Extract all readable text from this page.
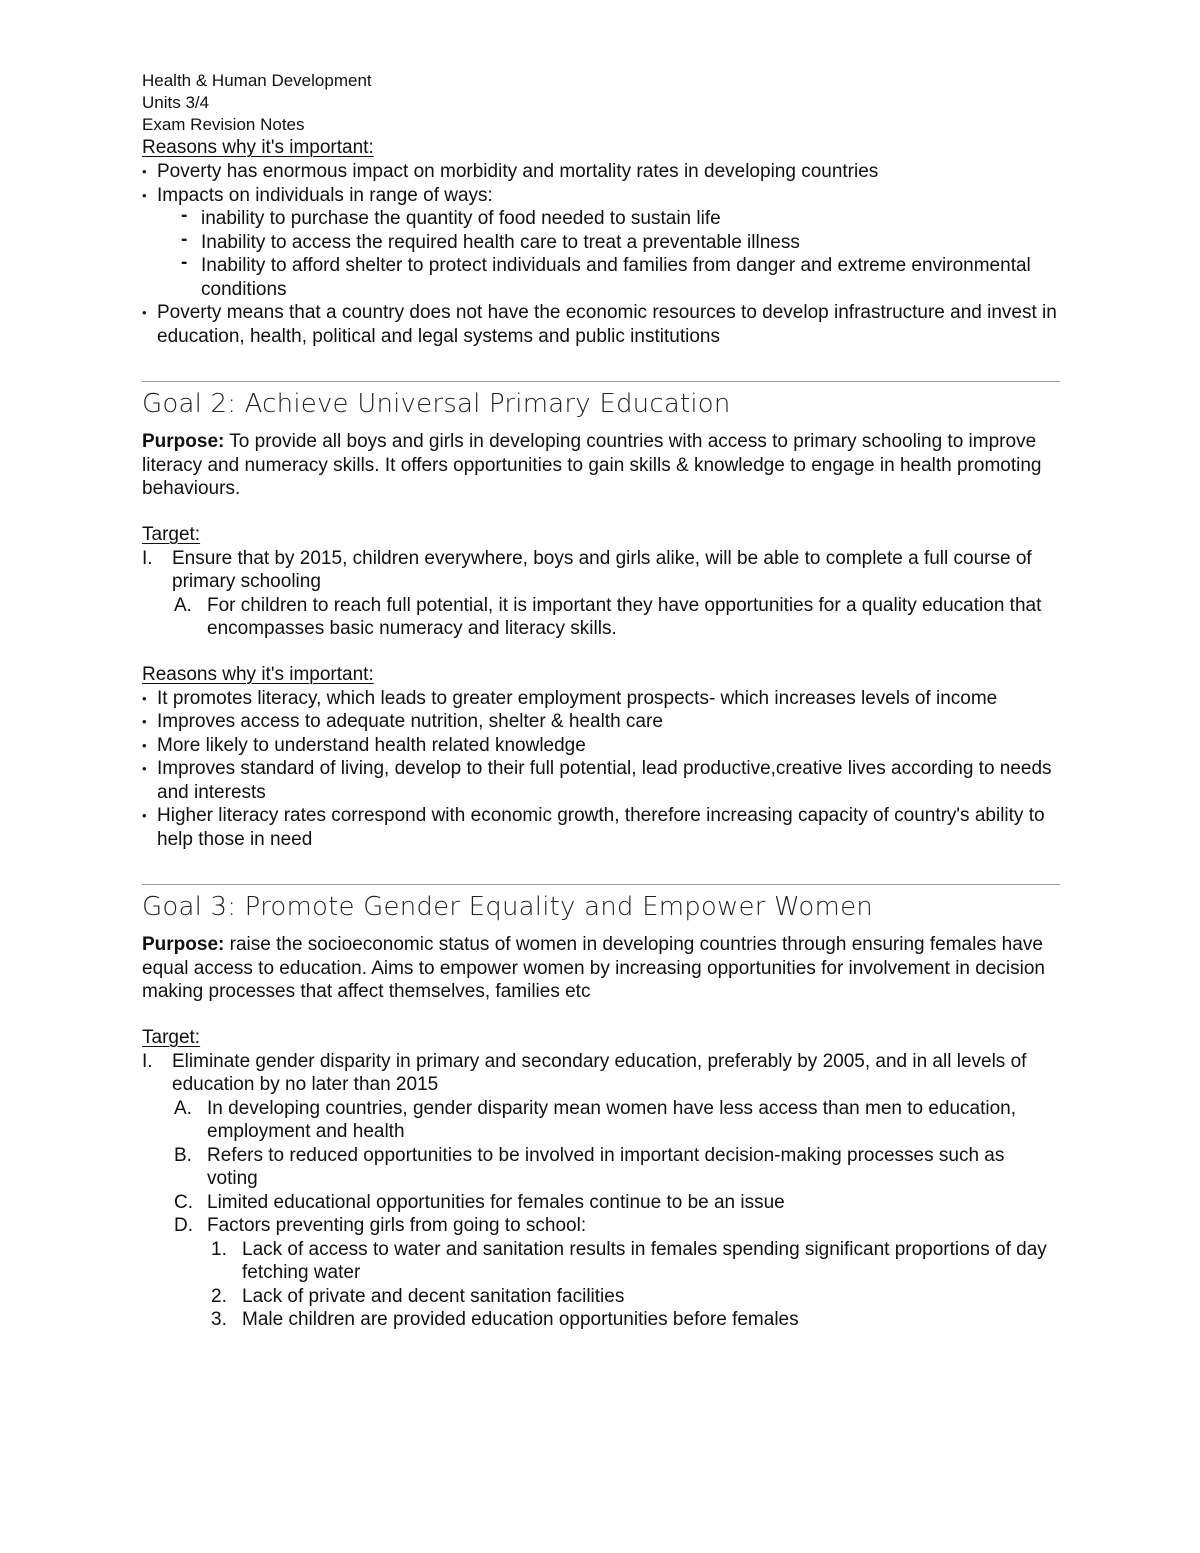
Health & Human Development

Units 3/4

Exam Revision Notes

Reasons why it's important:

• Poverty has enormous impact on morbidity and mortality rates in developing countries
• Impacts on individuals in range of ways:
- inability to purchase the quantity of food needed to sustain life
- Inability to access the required health care to treat a preventable illness
- Inability to afford shelter to protect individuals and families from danger and extreme environmental conditions
• Poverty means that a country does not have the economic resources to develop infrastructure and invest in education, health, political and legal systems and public institutions
Goal 2: Achieve Universal Primary Education

Purpose: To provide all boys and girls in developing countries with access to primary schooling to improve literacy and numeracy skills. It offers opportunities to gain skills & knowledge to engage in health promoting behaviours.

Target:

I. Ensure that by 2015, children everywhere, boys and girls alike, will be able to complete a full course of primary schooling
A. For children to reach full potential, it is important they have opportunities for a quality education that encompasses basic numeracy and literacy skills.

Reasons why it's important:

• It promotes literacy, which leads to greater employment prospects- which increases levels of income
• Improves access to adequate nutrition, shelter & health care
• More likely to understand health related knowledge
• Improves standard of living, develop to their full potential, lead productive,creative lives according to needs and interests
• Higher literacy rates correspond with economic growth, therefore increasing capacity of country's ability to help those in need
Goal 3: Promote Gender Equality and Empower Women

Purpose: raise the socioeconomic status of women in developing countries through ensuring females have equal access to education. Aims to empower women by increasing opportunities for involvement in decision making processes that affect themselves, families etc

Target:

I. Eliminate gender disparity in primary and secondary education, preferably by 2005, and in all levels of education by no later than 2015
A. In developing countries, gender disparity mean women have less access than men to education, employment and health
B. Refers to reduced opportunities to be involved in important decision-making processes such as voting
C. Limited educational opportunities for females continue to be an issue
D. Factors preventing girls from going to school:
1. Lack of access to water and sanitation results in females spending significant proportions of day fetching water
2. Lack of private and decent sanitation facilities
3. Male children are provided education opportunities before females
